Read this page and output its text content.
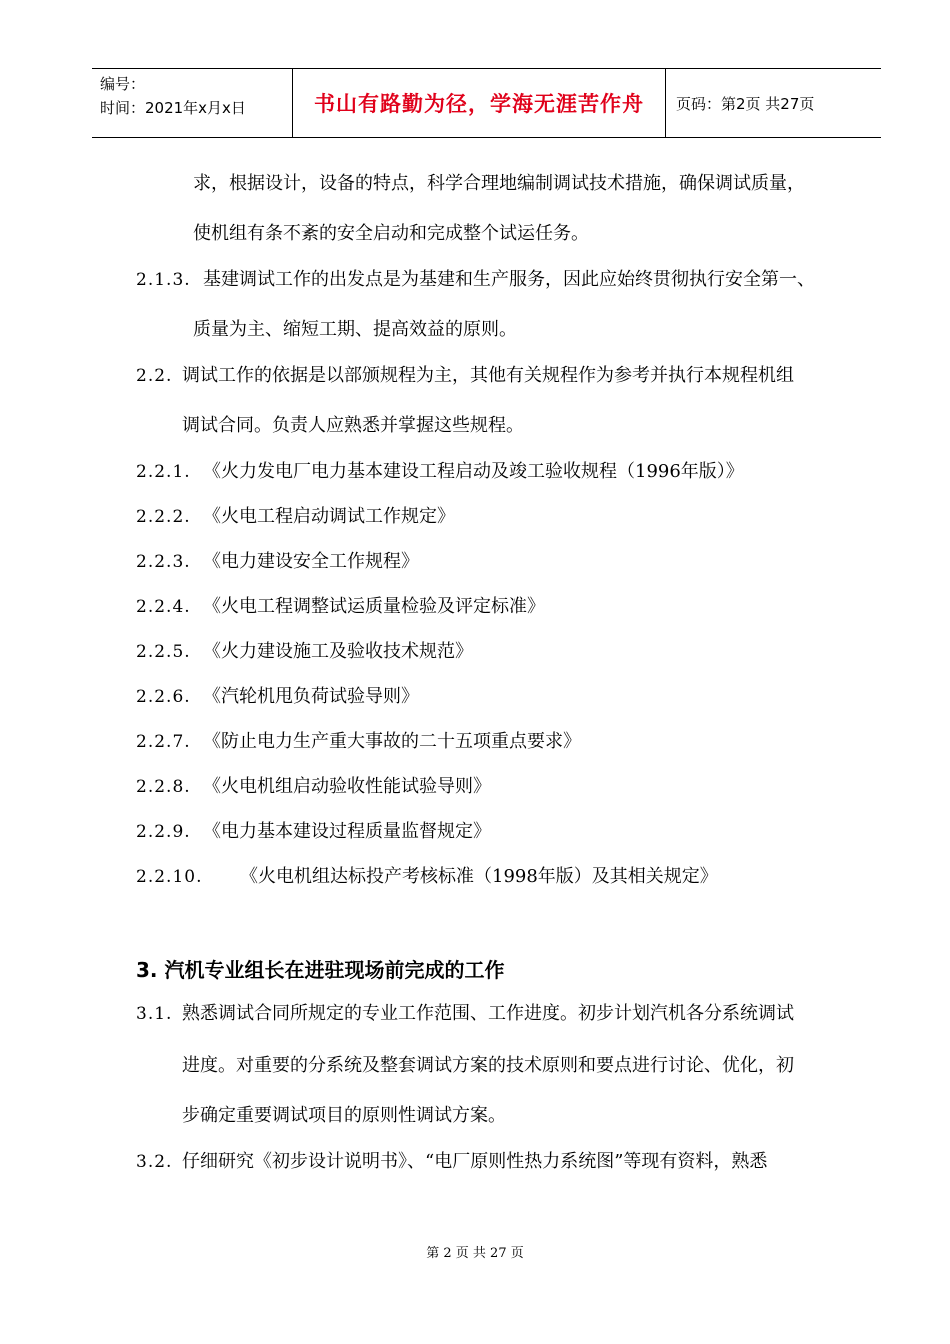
编号：
时间：2021年x月x日	书山有路勤为径，学海无涯苦作舟	页码：第2页 共27页
求，根据设计，设备的特点，科学合理地编制调试技术措施，确保调试质量，
使机组有条不紊的安全启动和完成整个试运任务。
2.1.3. 基建调试工作的出发点是为基建和生产服务，因此应始终贯彻执行安全第一、
质量为主、缩短工期、提高效益的原则。
2.2. 调试工作的依据是以部颁规程为主，其他有关规程作为参考并执行本规程机组
调试合同。负责人应熟悉并掌握这些规程。
2.2.1. 《火力发电厂电力基本建设工程启动及竣工验收规程（1996年版）》
2.2.2. 《火电工程启动调试工作规定》
2.2.3. 《电力建设安全工作规程》
2.2.4. 《火电工程调整试运质量检验及评定标准》
2.2.5. 《火力建设施工及验收技术规范》
2.2.6. 《汽轮机甩负荷试验导则》
2.2.7. 《防止电力生产重大事故的二十五项重点要求》
2.2.8. 《火电机组启动验收性能试验导则》
2.2.9. 《电力基本建设过程质量监督规定》
2.2.10. 《火电机组达标投产考核标准（1998年版）及其相关规定》
3. 汽机专业组长在进驻现场前完成的工作
3.1. 熟悉调试合同所规定的专业工作范围、工作进度。初步计划汽机各分系统调试
进度。对重要的分系统及整套调试方案的技术原则和要点进行讨论、优化，初
步确定重要调试项目的原则性调试方案。
3.2. 仔细研究《初步设计说明书》、“电厂原则性热力系统图”等现有资料，熟悉
第 2 页 共 27 页
